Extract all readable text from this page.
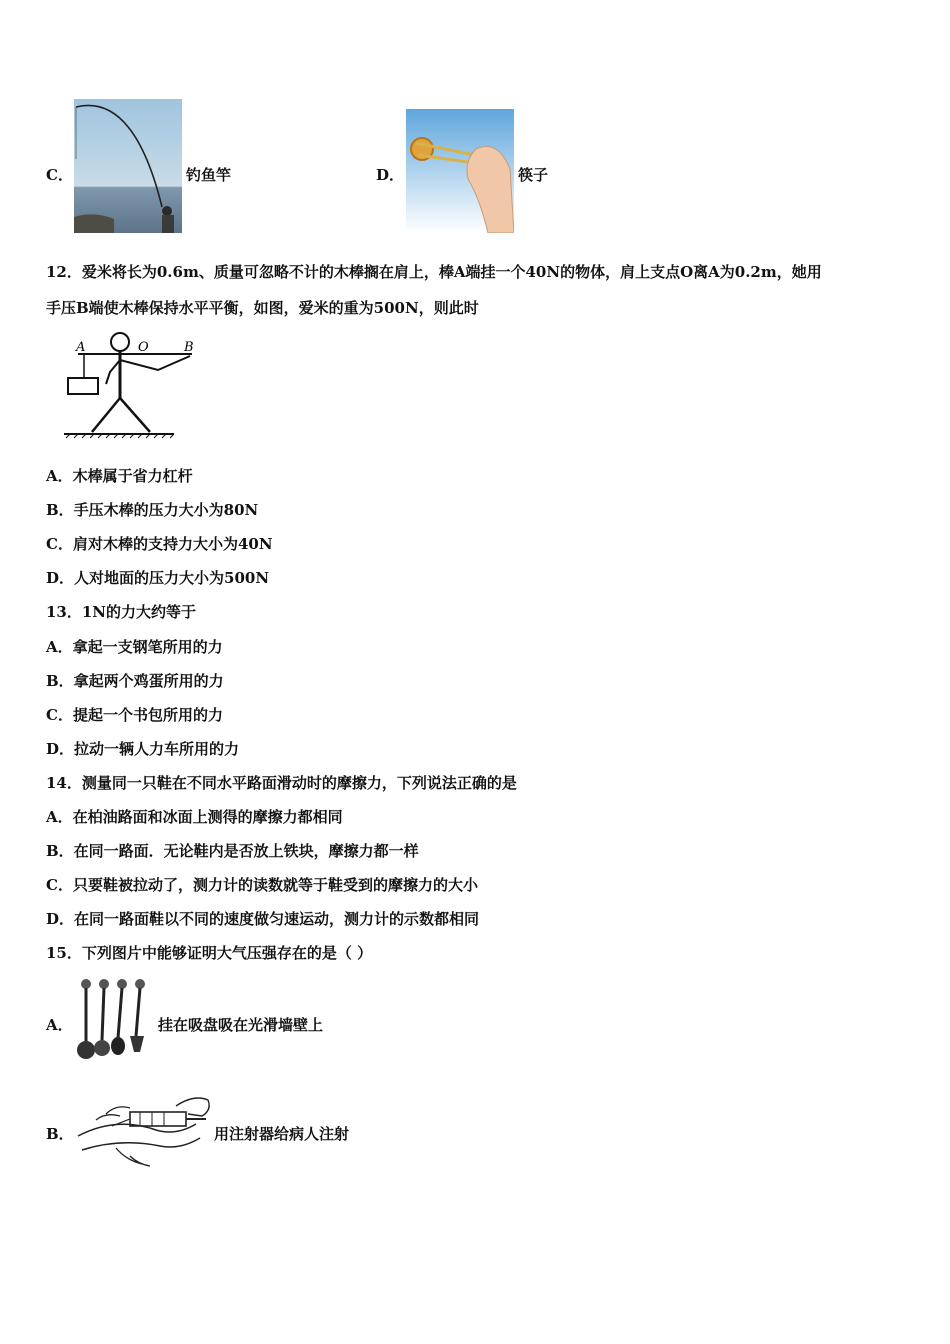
C．	钓鱼竿	D．	筷子
12．爱米将长为0.6m、质量可忽略不计的木棒搁在肩上，棒A端挂一个40N的物体，肩上支点O离A为0.2m，她用
手压B端使木棒保持水平平衡，如图，爱米的重为500N，则此时
A	O	B
A．木棒属于省力杠杆
B．手压木棒的压力大小为80N
C．肩对木棒的支持力大小为40N
D．人对地面的压力大小为500N
13．1N的力大约等于
A．拿起一支钢笔所用的力
B．拿起两个鸡蛋所用的力
C．提起一个书包所用的力
D．拉动一辆人力车所用的力
14．测量同一只鞋在不同水平路面滑动时的摩擦力，下列说法正确的是
A．在柏油路面和冰面上测得的摩擦力都相同
B．在同一路面．无论鞋内是否放上铁块，摩擦力都一样
C．只要鞋被拉动了，测力计的读数就等于鞋受到的摩擦力的大小
D．在同一路面鞋以不同的速度做匀速运动，测力计的示数都相同
15．下列图片中能够证明大气压强存在的是（ ）
A．	挂在吸盘吸在光滑墙壁上
B．	用注射器给病人注射
